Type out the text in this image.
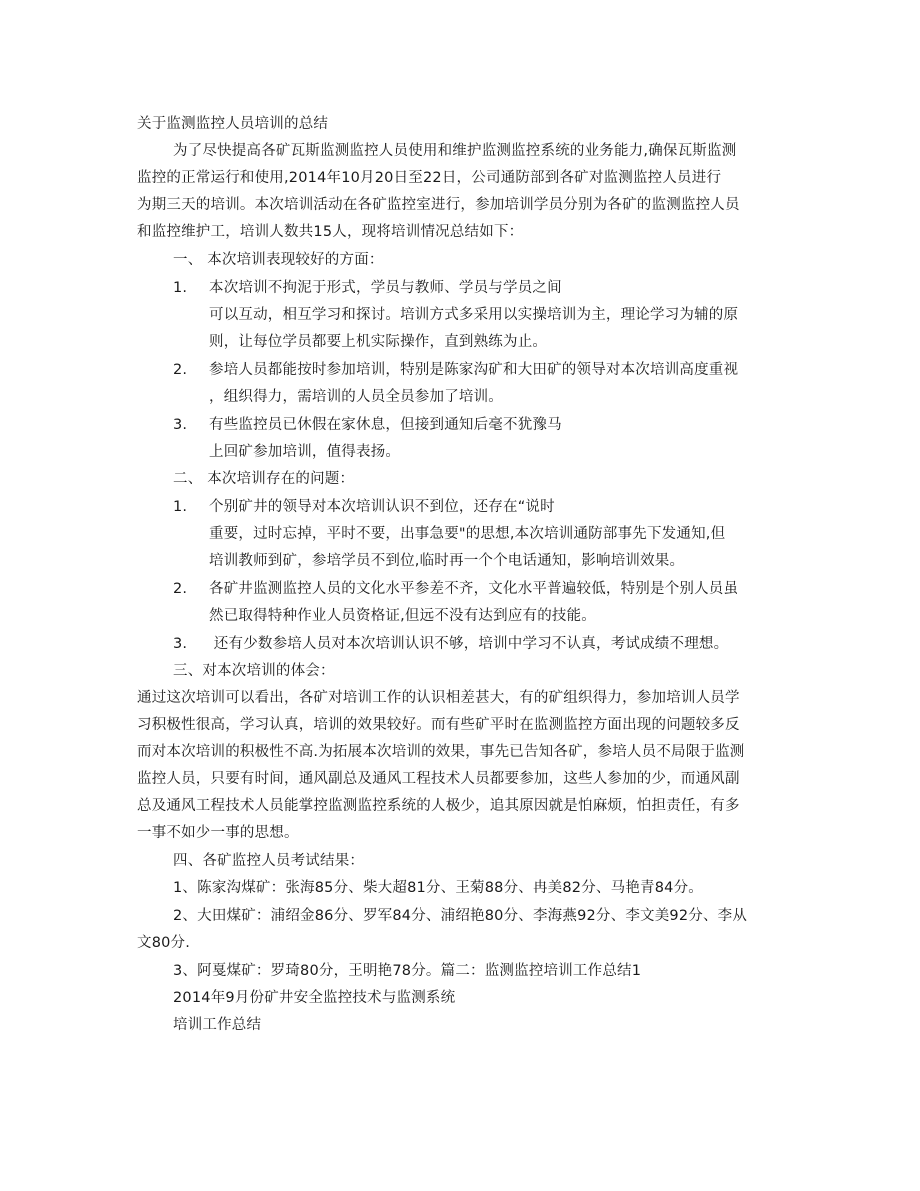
关于监测监控人员培训的总结
为了尽快提高各矿瓦斯监测监控人员使用和维护监测监控系统的业务能力,确保瓦斯监测
监控的正常运行和使用,2014年10月20日至22日，公司通防部到各矿对监测监控人员进行
为期三天的培训。本次培训活动在各矿监控室进行，参加培训学员分别为各矿的监测监控人员
和监控维护工，培训人数共15人，现将培训情况总结如下：
一、 本次培训表现较好的方面：
1. 本次培训不拘泥于形式，学员与教师、学员与学员之间
可以互动，相互学习和探讨。培训方式多采用以实操培训为主，理论学习为辅的原
则，让每位学员都要上机实际操作，直到熟练为止。
2. 参培人员都能按时参加培训，特别是陈家沟矿和大田矿的领导对本次培训高度重视
，组织得力，需培训的人员全员参加了培训。
3. 有些监控员已休假在家休息，但接到通知后毫不犹豫马
上回矿参加培训，值得表扬。
二、 本次培训存在的问题：
1. 个别矿井的领导对本次培训认识不到位，还存在“说时
重要，过时忘掉，平时不要，出事急要"的思想,本次培训通防部事先下发通知,但
培训教师到矿，参培学员不到位,临时再一个个电话通知，影响培训效果。
2. 各矿井监测监控人员的文化水平参差不齐，文化水平普遍较低，特别是个别人员虽
然已取得特种作业人员资格证,但远不没有达到应有的技能。
3. 还有少数参培人员对本次培训认识不够，培训中学习不认真，考试成绩不理想。
三、对本次培训的体会：
通过这次培训可以看出，各矿对培训工作的认识相差甚大，有的矿组织得力，参加培训人员学
习积极性很高，学习认真，培训的效果较好。而有些矿平时在监测监控方面出现的问题较多反
而对本次培训的积极性不高.为拓展本次培训的效果，事先已告知各矿，参培人员不局限于监测
监控人员，只要有时间，通风副总及通风工程技术人员都要参加，这些人参加的少，而通风副
总及通风工程技术人员能掌控监测监控系统的人极少，追其原因就是怕麻烦，怕担责任，有多
一事不如少一事的思想。
四、各矿监控人员考试结果：
1、陈家沟煤矿：张海85分、柴大超81分、王菊88分、冉美82分、马艳青84分。
2、大田煤矿：浦绍金86分、罗军84分、浦绍艳80分、李海燕92分、李文美92分、李从
文80分.
3、阿戛煤矿：罗琦80分，王明艳78分。篇二：监测监控培训工作总结1
2014年9月份矿井安全监控技术与监测系统
培训工作总结
